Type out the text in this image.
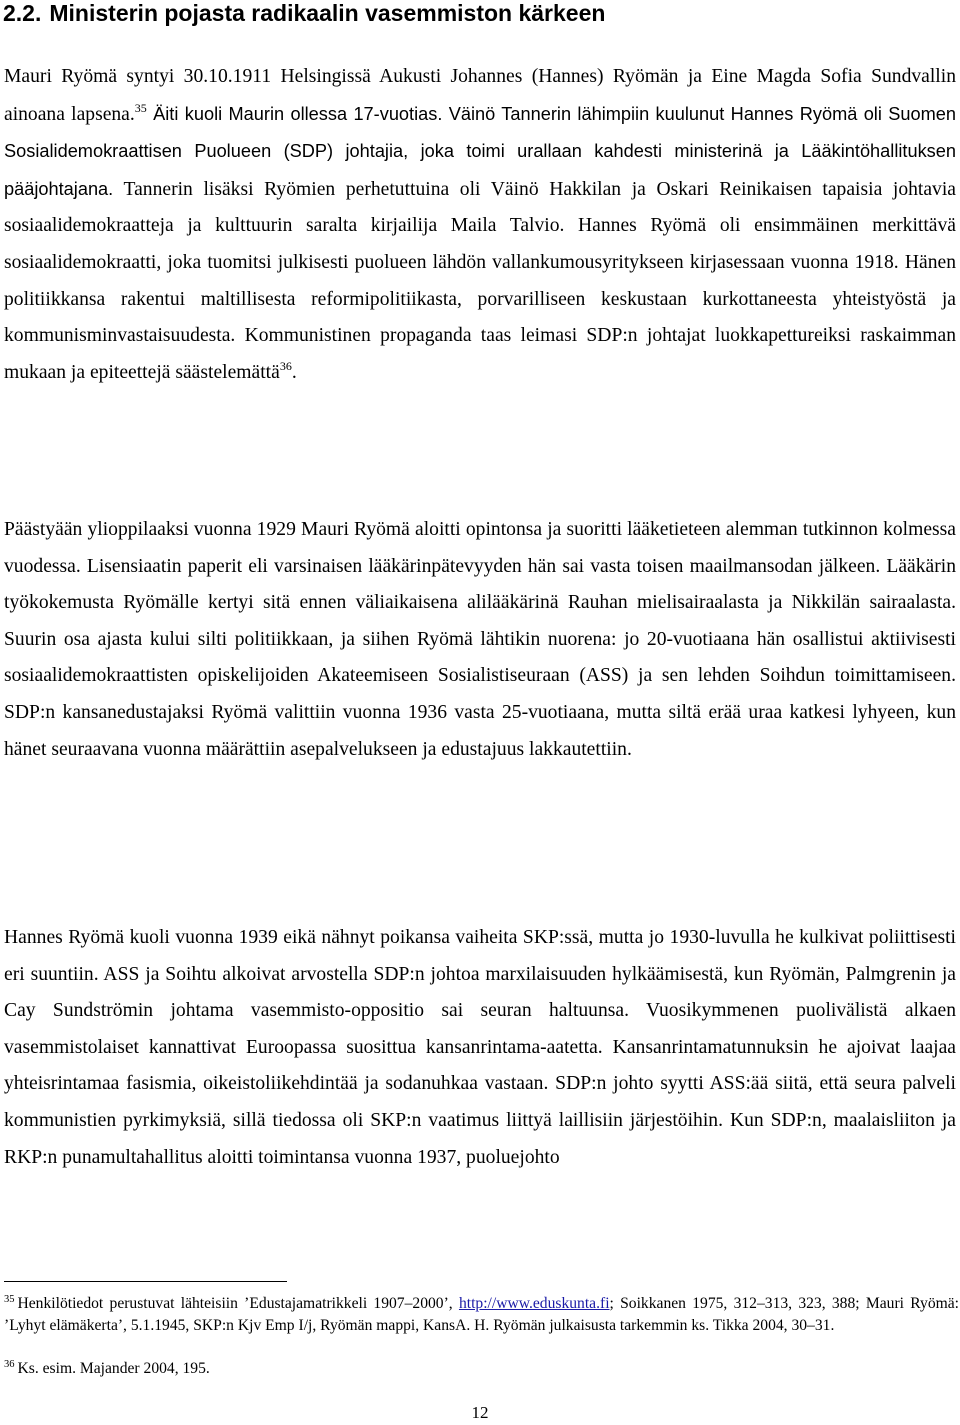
2.2. Ministerin pojasta radikaalin vasemmiston kärkeen

Mauri Ryömä syntyi 30.10.1911 Helsingissä Aukusti Johannes (Hannes) Ryömän ja Eine Magda Sofia Sundvallin ainoana lapsena.$^{35}$ Äiti kuoli Maurin ollessa 17-vuotias. Väinö Tannerin lähimpiin kuulunut Hannes Ryömä oli Suomen Sosialidemokraattisen Puolueen (SDP) johtajia, joka toimi urallaan kahdesti ministerinä ja Lääkintöhallituksen pääjohtajana. Tannerin lisäksi Ryömien perhetuttuina oli Väinö Hakkilan ja Oskari Reinikaisen tapaisia johtavia sosiaalidemokraatteja ja kulttuurin saralta kirjailija Maila Talvio. Hannes Ryömä oli ensimmäinen merkittävä sosiaalidemokraatti, joka tuomitsi julkisesti puolueen lähdön vallankumousyritykseen kirjasessaan vuonna 1918. Hänen politiikkansa rakentui maltillisesta reformipolitiikasta, porvarilliseen keskustaan kurkottaneesta yhteistyöstä ja kommunisminvastaisuudesta. Kommunistinen propaganda taas leimasi SDP:n johtajat luokkapettureiksi raskaimman mukaan ja epiteettejä säästelemättä$^{36}$.

Päästyään ylioppilaaksi vuonna 1929 Mauri Ryömä aloitti opintonsa ja suoritti lääketieteen alemman tutkinnon kolmessa vuodessa. Lisensiaatin paperit eli varsinaisen lääkärinpätevyyden hän sai vasta toisen maailmansodan jälkeen. Lääkärin työkokemusta Ryömälle kertyi sitä ennen väliaikaisena alilääkärinä Rauhan mielisairaalasta ja Nikkilän sairaalasta. Suurin osa ajasta kului silti politiikkaan, ja siihen Ryömä lähtikin nuorena: jo 20-vuotiaana hän osallistui aktiivisesti sosiaalidemokraattisten opiskelijoiden Akateemiseen Sosialistiseuraan (ASS) ja sen lehden Soihdun toimittamiseen. SDP:n kansanedustajaksi Ryömä valittiin vuonna 1936 vasta 25-vuotiaana, mutta siltä erää uraa katkesi lyhyeen, kun hänet seuraavana vuonna määrättiin asepalvelukseen ja edustajuus lakkautettiin.

Hannes Ryömä kuoli vuonna 1939 eikä nähnyt poikansa vaiheita SKP:ssä, mutta jo 1930-luvulla he kulkivat poliittisesti eri suuntiin. ASS ja Soihtu alkoivat arvostella SDP:n johtoa marxilaisuuden hylkäämisestä, kun Ryömän, Palmgrenin ja Cay Sundströmin johtama vasemmisto-oppositio sai seuran haltuunsa. Vuosikymmenen puolivälistä alkaen vasemmistolaiset kannattivat Euroopassa suosittua kansanrintama-aatetta. Kansanrintamatunnuksin he ajoivat laajaa yhteisrintamaa fasismia, oikeistoliikehdintää ja sodanuhkaa vastaan. SDP:n johto syytti ASS:ää siitä, että seura palveli kommunistien pyrkimyksiä, sillä tiedossa oli SKP:n vaatimus liittyä laillisiin järjestöihin. Kun SDP:n, maalaisliiton ja RKP:n punamultahallitus aloitti toimintansa vuonna 1937, puoluejohto

$^{35}$ Henkilötiedot perustuvat lähteisiin ’Edustajamatrikkeli 1907–2000’, http://www.eduskunta.fi; Soikkanen 1975, 312–313, 323, 388; Mauri Ryömä: ’Lyhyt elämäkerta’, 5.1.1945, SKP:n Kjv Emp I/j, Ryömän mappi, KansA. H. Ryömän julkaisusta tarkemmin ks. Tikka 2004, 30–31.

$^{36}$ Ks. esim. Majander 2004, 195.

12
